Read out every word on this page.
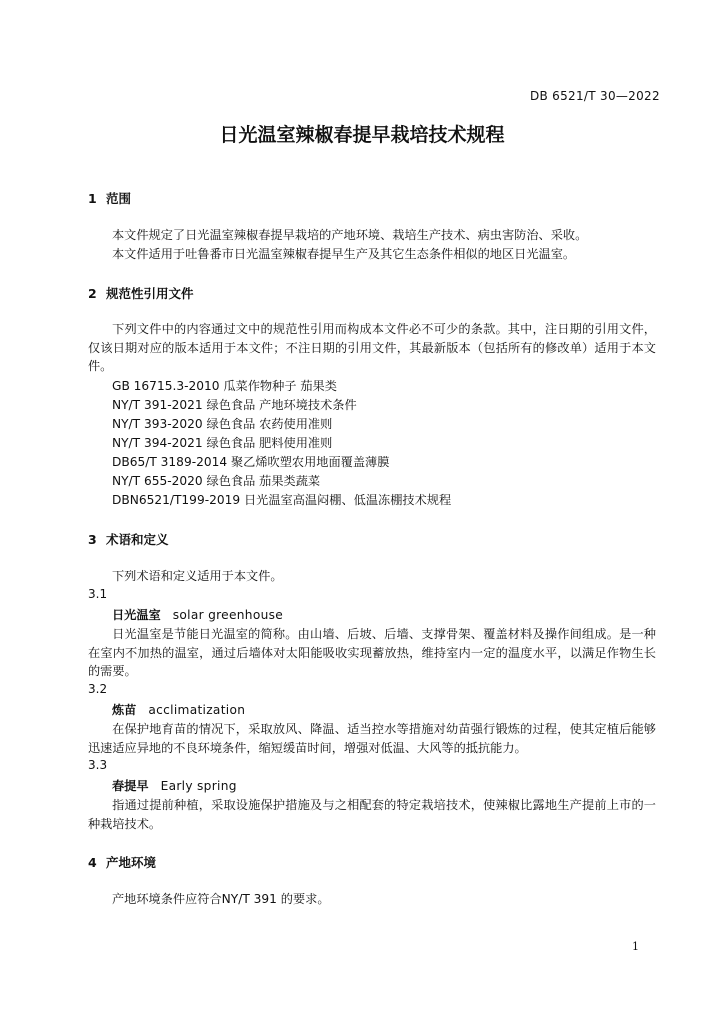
DB 6521/T 30—2022
日光温室辣椒春提早栽培技术规程
1 范围
本文件规定了日光温室辣椒春提早栽培的产地环境、栽培生产技术、病虫害防治、采收。
本文件适用于吐鲁番市日光温室辣椒春提早生产及其它生态条件相似的地区日光温室。
2 规范性引用文件
下列文件中的内容通过文中的规范性引用而构成本文件必不可少的条款。其中，注日期的引用文件，仅该日期对应的版本适用于本文件；不注日期的引用文件，其最新版本（包括所有的修改单）适用于本文件。
GB 16715.3-2010 瓜菜作物种子 茄果类
NY/T 391-2021 绿色食品 产地环境技术条件
NY/T 393-2020 绿色食品 农药使用准则
NY/T 394-2021 绿色食品 肥料使用准则
DB65/T 3189-2014 聚乙烯吹塑农用地面覆盖薄膜
NY/T 655-2020 绿色食品 茄果类蔬菜
DBN6521/T199-2019 日光温室高温闷棚、低温冻棚技术规程
3 术语和定义
下列术语和定义适用于本文件。
3.1
日光温室 solar greenhouse
日光温室是节能日光温室的简称。由山墙、后坡、后墙、支撑骨架、覆盖材料及操作间组成。是一种在室内不加热的温室，通过后墙体对太阳能吸收实现蓄放热，维持室内一定的温度水平，以满足作物生长的需要。
3.2
炼苗 acclimatization
在保护地育苗的情况下，采取放风、降温、适当控水等措施对幼苗强行锻炼的过程，使其定植后能够迅速适应异地的不良环境条件，缩短缓苗时间，增强对低温、大风等的抵抗能力。
3.3
春提早 Early spring
指通过提前种植，采取设施保护措施及与之相配套的特定栽培技术，使辣椒比露地生产提前上市的一种栽培技术。
4 产地环境
产地环境条件应符合NY/T 391 的要求。
1
